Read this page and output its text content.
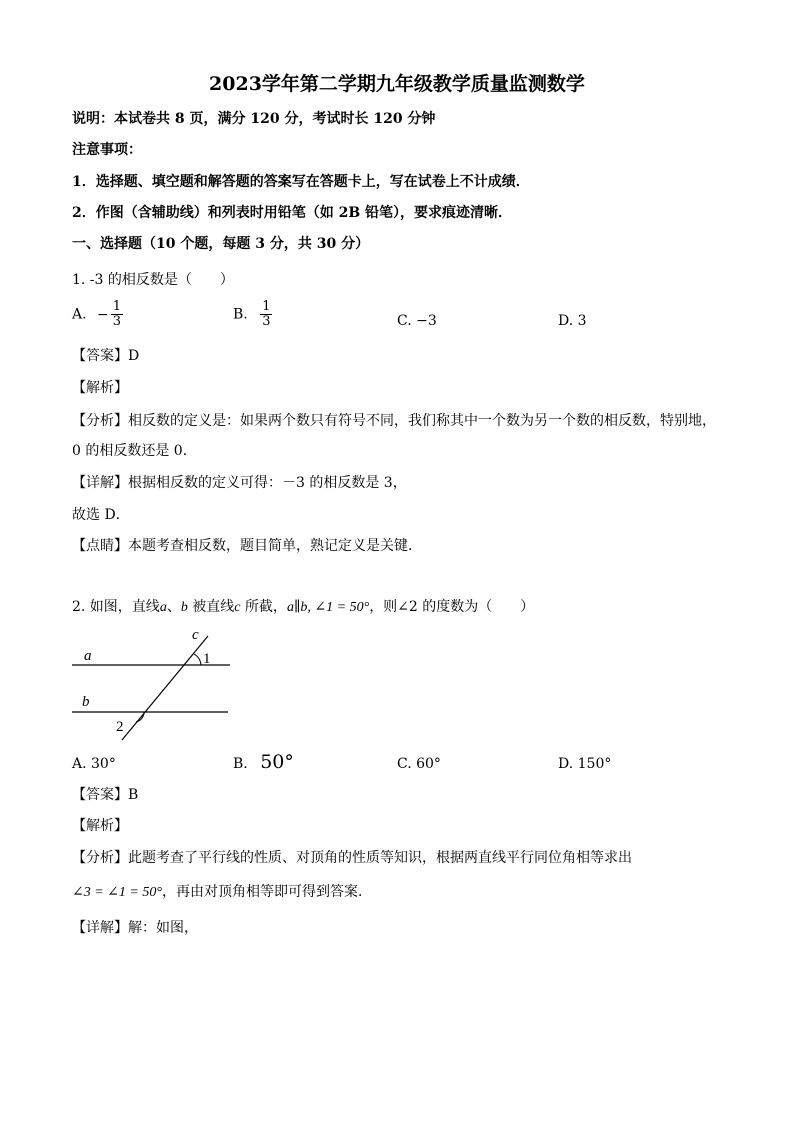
2023学年第二学期九年级教学质量监测数学
说明：本试卷共 8 页，满分 120 分，考试时长 120 分钟
注意事项：
1．选择题、填空题和解答题的答案写在答题卡上，写在试卷上不计成绩．
2．作图（含辅助线）和列表时用铅笔（如 2B 铅笔），要求痕迹清晰．
一、选择题（10 个题，每题 3 分，共 30 分）
1. -3 的相反数是（　　）
A. − $\frac{1}{3}$	B. $\frac{1}{3}$	C. −3	D. 3
【答案】D
【解析】
【分析】相反数的定义是：如果两个数只有符号不同，我们称其中一个数为另一个数的相反数，特别地，
0 的相反数还是 0．
【详解】根据相反数的定义可得：－3 的相反数是 3，
故选 D．
【点睛】本题考查相反数，题目简单，熟记定义是关键．
2. 如图，直线a、b 被直线c 所截，a∥b, ∠1 = 50°，则∠2 的度数为（　　）
c
a
b
1
2
A. 30°	B. 50°	C. 60°	D. 150°
【答案】B
【解析】
【分析】此题考查了平行线的性质、对顶角的性质等知识，根据两直线平行同位角相等求出
∠3 = ∠1 = 50°，再由对顶角相等即可得到答案．
【详解】解：如图，
